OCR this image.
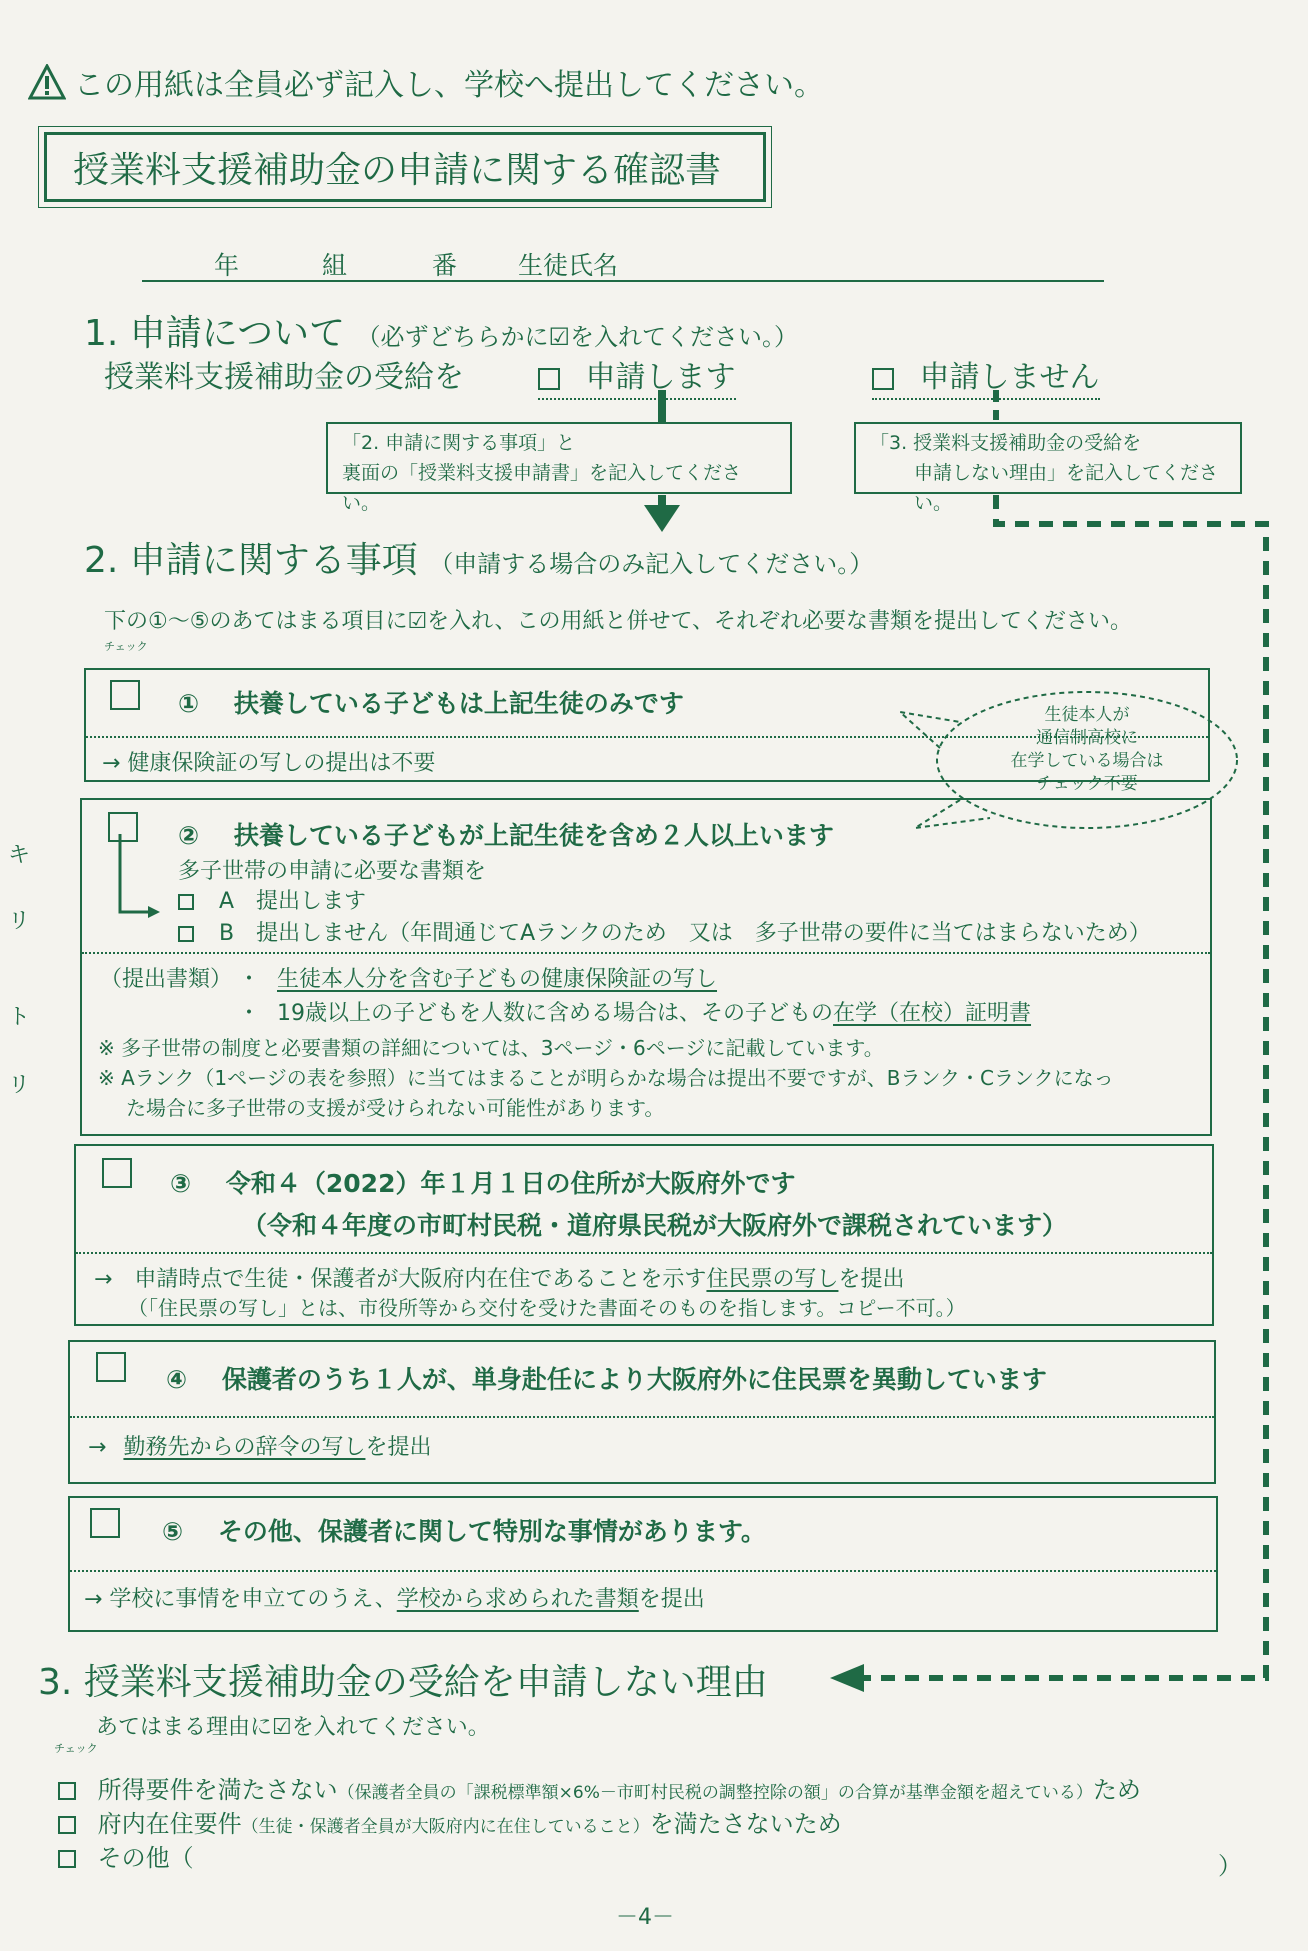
この用紙は全員必ず記入し、学校へ提出してください。
授業料支援補助金の申請に関する確認書
年	組	番 生徒氏名
1. 申請について （必ずどちらかに☑を入れてください。）
授業料支援補助金の受給を	申請します	申請しません
「2. 申請に関する事項」と
裏面の「授業料支援申請書」を記入してください。
「3. 授業料支援補助金の受給を
申請しない理由」を記入してください。
2. 申請に関する事項 （申請する場合のみ記入してください。）
下の①～⑤のあてはまる項目に☑を入れ、この用紙と併せて、それぞれ必要な書類を提出してください。
チェック
① 扶養している子どもは上記生徒のみです
→ 健康保険証の写しの提出は不要
② 扶養している子どもが上記生徒を含め２人以上います
多子世帯の申請に必要な書類を
A　提出します
B　提出しません（年間通じてAランクのため　又は　多子世帯の要件に当てはまらないため）
（提出書類） ・ 生徒本人分を含む子どもの健康保険証の写し
・ 19歳以上の子どもを人数に含める場合は、その子どもの在学（在校）証明書
※ 多子世帯の制度と必要書類の詳細については、3ページ・6ページに記載しています。
※ Aランク（1ページの表を参照）に当てはまることが明らかな場合は提出不要ですが、Bランク・Cランクになっ
た場合に多子世帯の支援が受けられない可能性があります。
生徒本人が
通信制高校に
在学している場合は
チェック不要
③ 令和４（2022）年１月１日の住所が大阪府外です
（令和４年度の市町村民税・道府県民税が大阪府外で課税されています）
→　申請時点で生徒・保護者が大阪府内在住であることを示す住民票の写しを提出
（「住民票の写し」とは、市役所等から交付を受けた書面そのものを指します。コピー不可。）
④ 保護者のうち１人が、単身赴任により大阪府外に住民票を異動しています
→ 勤務先からの辞令の写しを提出
⑤ その他、保護者に関して特別な事情があります。
→ 学校に事情を申立てのうえ、学校から求められた書類を提出
3. 授業料支援補助金の受給を申請しない理由
あてはまる理由に☑を入れてください。
チェック
所得要件を満たさない（保護者全員の「課税標準額×6%－市町村民税の調整控除の額」の合算が基準金額を超えている）ため
府内在住要件（生徒・保護者全員が大阪府内に在住していること）を満たさないため
その他（	）
キ
リ
ト
リ
－4－
